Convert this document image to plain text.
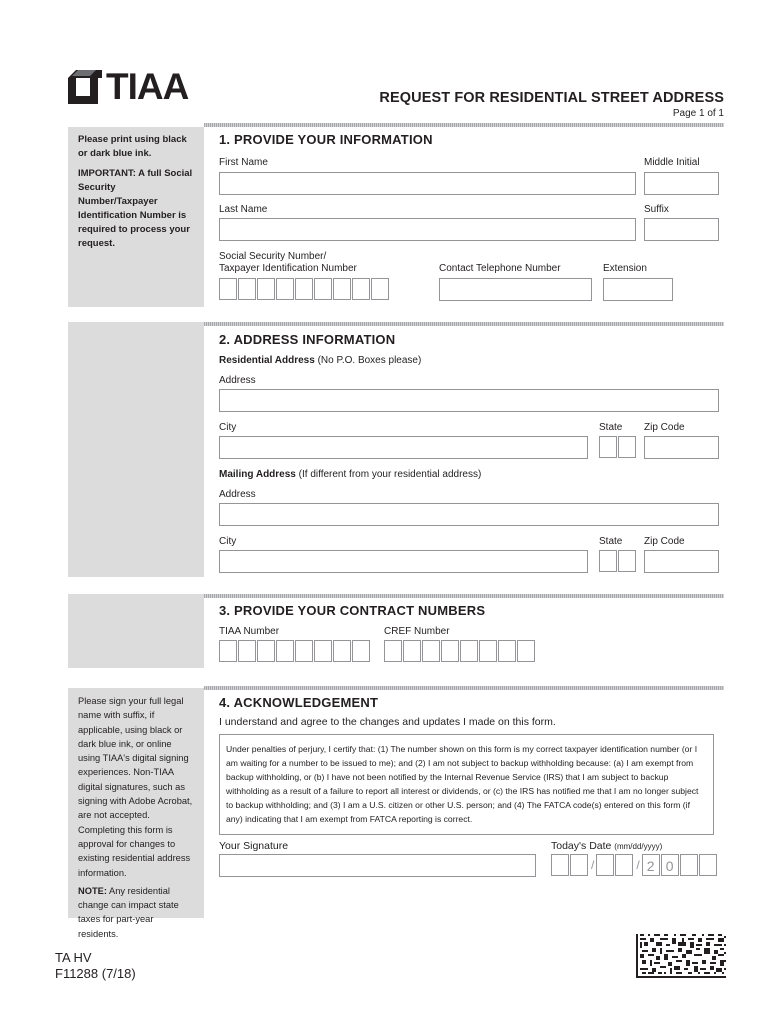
TIAA	REQUEST FOR RESIDENTIAL STREET ADDRESS
Page 1 of 1
Please print using black or dark blue ink.
IMPORTANT: A full Social Security Number/Taxpayer Identification Number is required to process your request.
1. PROVIDE YOUR INFORMATION
First Name	Middle Initial
Last Name	Suffix
Social Security Number/
Taxpayer Identification Number	Contact Telephone Number	Extension
2. ADDRESS INFORMATION
Residential Address (No P.O. Boxes please)
Address
City	State Zip Code
Mailing Address (If different from your residential address)
Address
City	State Zip Code
3. PROVIDE YOUR CONTRACT NUMBERS
TIAA Number	CREF Number
Please sign your full legal name with suffix, if applicable, using black or dark blue ink, or online using TIAA's digital signing experiences. Non-TIAA digital signatures, such as signing with Adobe Acrobat, are not accepted. Completing this form is approval for changes to existing residential address information.
NOTE: Any residential change can impact state taxes for part-year residents.
4. ACKNOWLEDGEMENT
I understand and agree to the changes and updates I made on this form.
Under penalties of perjury, I certify that: (1) The number shown on this form is my correct taxpayer identification number (or I am waiting for a number to be issued to me); and (2) I am not subject to backup withholding because: (a) I am exempt from backup withholding, or (b) I have not been notified by the Internal Revenue Service (IRS) that I am subject to backup withholding as a result of a failure to report all interest or dividends, or (c) the IRS has notified me that I am no longer subject to backup withholding; and (3) I am a U.S. citizen or other U.S. person; and (4) The FATCA code(s) entered on this form (if any) indicating that I am exempt from FATCA reporting is correct.
Your Signature	Today's Date (mm/dd/yyyy)
/	/ 2 0
TA HV
F11288 (7/18)
